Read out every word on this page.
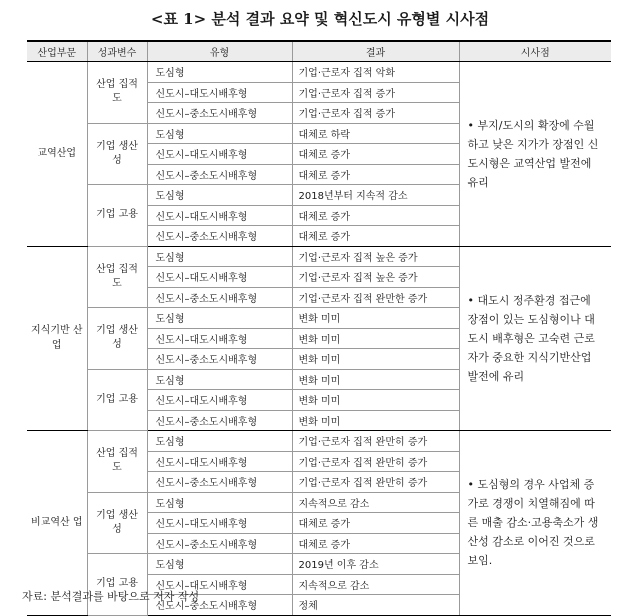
<표 1> 분석 결과 요약 및 혁신도시 유형별 시사점
산업부문	성과변수	유형	결과	시사점
교역산업	산업 집적도	도심형	기업·근로자 집적 악화	• 부지/도시의 확장에 수월하고 낮은 지가가 장점인 신도시형은 교역산업 발전에 유리
		신도시–대도시배후형	기업·근로자 집적 증가	
		신도시–중소도시배후형	기업·근로자 집적 증가	
	기업 생산성	도심형	대체로 하락	
		신도시–대도시배후형	대체로 증가	
		신도시–중소도시배후형	대체로 증가	
	기업 고용	도심형	2018년부터 지속적 감소	
		신도시–대도시배후형	대체로 증가	
		신도시–중소도시배후형	대체로 증가	
지식기반 산업	산업 집적도	도심형	기업·근로자 집적 높은 증가	• 대도시 정주환경 접근에 장점이 있는 도심형이나 대도시 배후형은 고숙련 근로자가 중요한 지식기반산업 발전에 유리
		신도시–대도시배후형	기업·근로자 집적 높은 증가	
		신도시–중소도시배후형	기업·근로자 집적 완만한 증가	
	기업 생산성	도심형	변화 미미	
		신도시–대도시배후형	변화 미미	
		신도시–중소도시배후형	변화 미미	
	기업 고용	도심형	변화 미미	
		신도시–대도시배후형	변화 미미	
		신도시–중소도시배후형	변화 미미	
비교역산 업	산업 집적도	도심형	기업·근로자 집적 완만히 증가	• 도심형의 경우 사업체 증가로 경쟁이 치열해짐에 따른 매출 감소·고용축소가 생산성 감소로 이어진 것으로 보임.
		신도시–대도시배후형	기업·근로자 집적 완만히 증가	
		신도시–중소도시배후형	기업·근로자 집적 완만히 증가	
	기업 생산성	도심형	지속적으로 감소	
		신도시–대도시배후형	대체로 증가	
		신도시–중소도시배후형	대체로 증가	
	기업 고용	도심형	2019년 이후 감소	
		신도시–대도시배후형	지속적으로 감소	
		신도시–중소도시배후형	정체	
자료: 분석결과를 바탕으로 저자 작성
